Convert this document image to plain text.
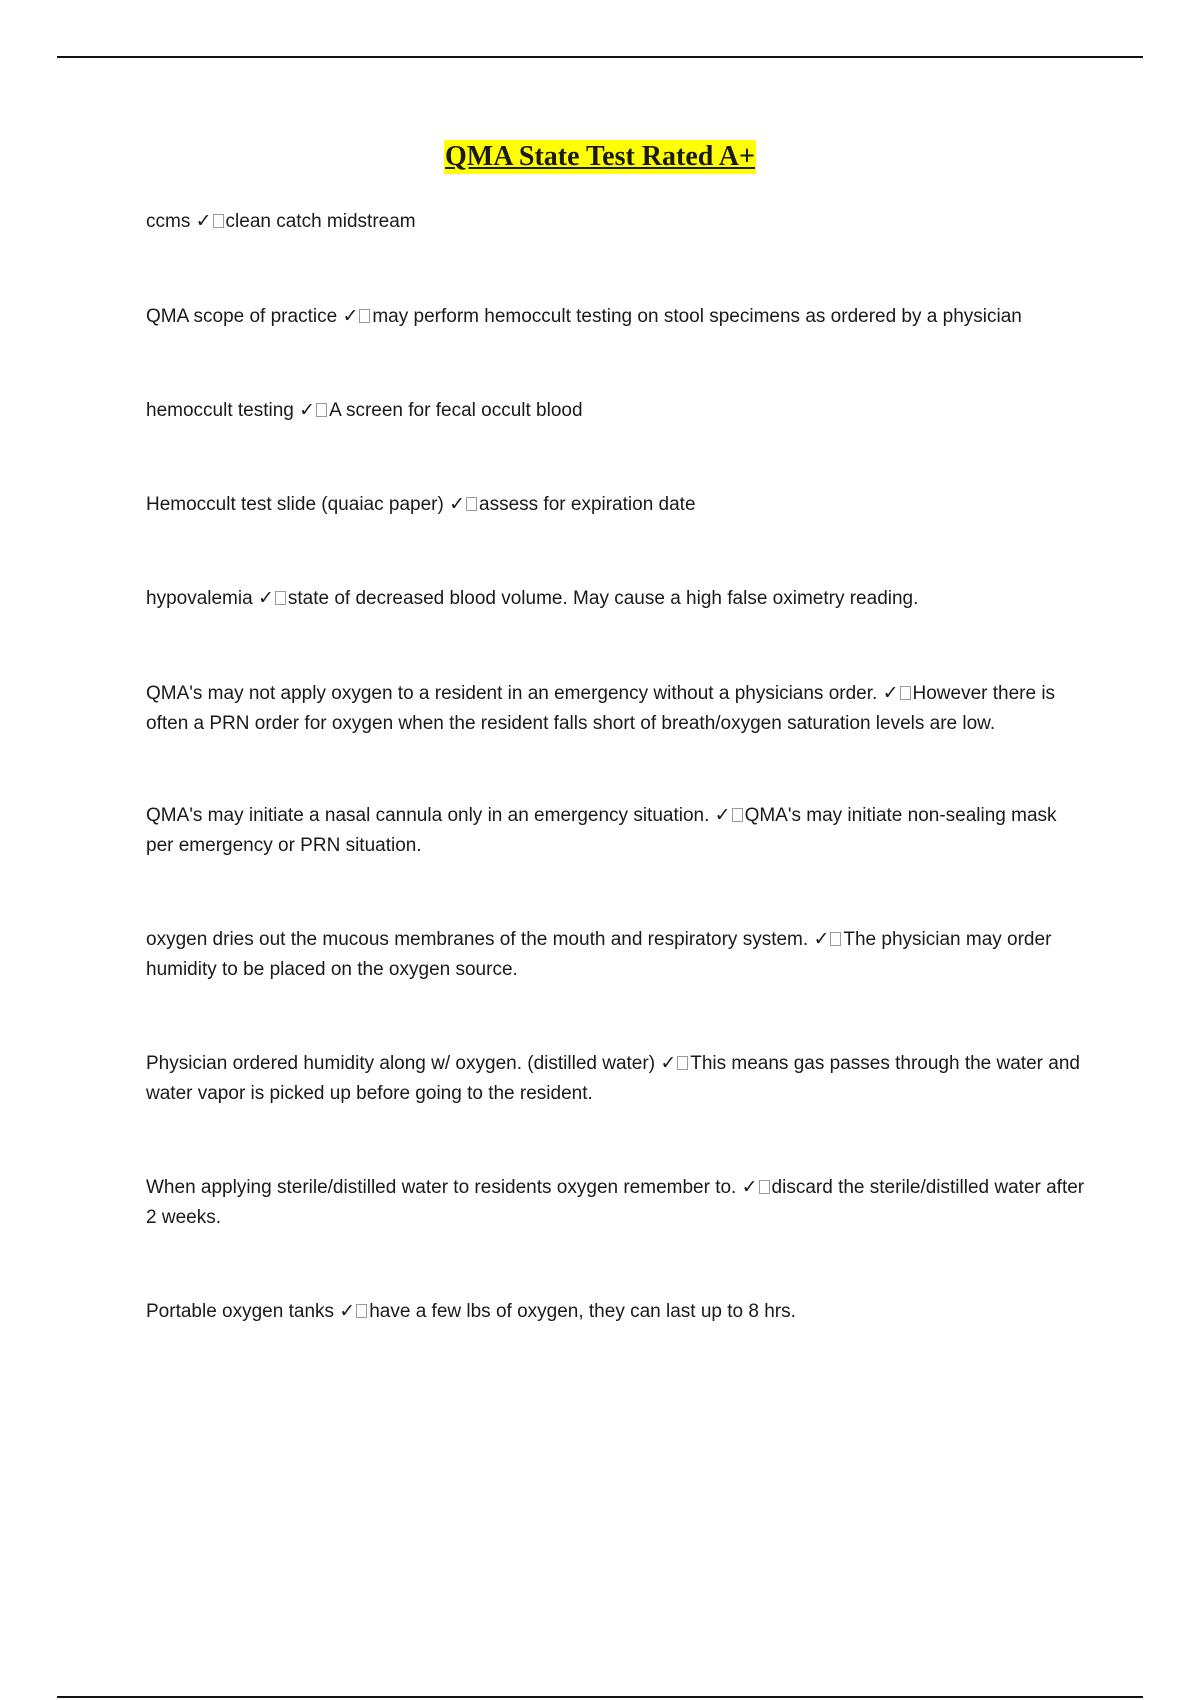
QMA State Test Rated A+

ccms ✓ clean catch midstream

QMA scope of practice ✓ may perform hemoccult testing on stool specimens as ordered by a physician

hemoccult testing ✓ A screen for fecal occult blood

Hemoccult test slide (quaiac paper) ✓ assess for expiration date

hypovalemia ✓ state of decreased blood volume. May cause a high false oximetry reading.

QMA's may not apply oxygen to a resident in an emergency without a physicians order. ✓ However there is often a PRN order for oxygen when the resident falls short of breath/oxygen saturation levels are low.

QMA's may initiate a nasal cannula only in an emergency situation. ✓ QMA's may initiate non-sealing mask per emergency or PRN situation.

oxygen dries out the mucous membranes of the mouth and respiratory system. ✓ The physician may order humidity to be placed on the oxygen source.

Physician ordered humidity along w/ oxygen. (distilled water) ✓ This means gas passes through the water and water vapor is picked up before going to the resident.

When applying sterile/distilled water to residents oxygen remember to. ✓ discard the sterile/distilled water after 2 weeks.

Portable oxygen tanks ✓ have a few lbs of oxygen, they can last up to 8 hrs.
